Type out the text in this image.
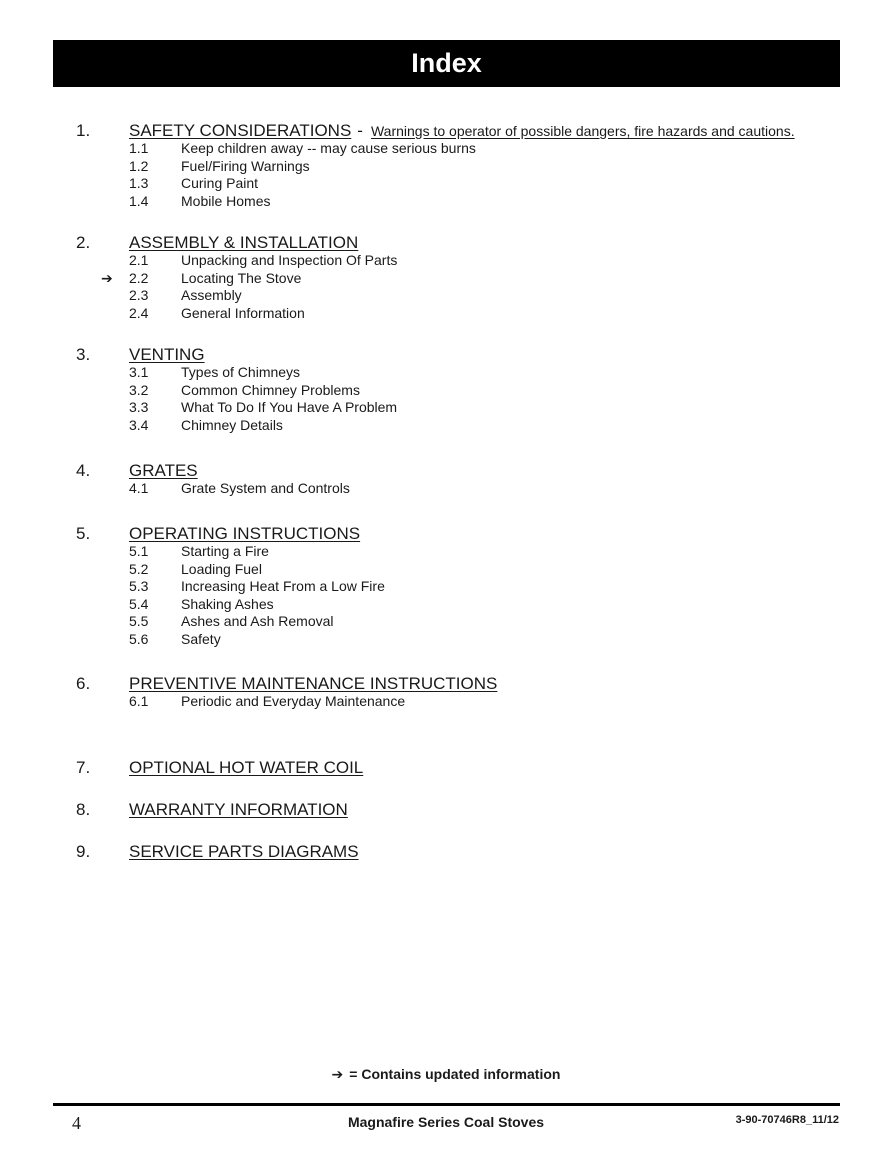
Index
1. SAFETY CONSIDERATIONS - Warnings to operator of possible dangers, fire hazards and cautions.
1.1 Keep children away -- may cause serious burns
1.2 Fuel/Firing Warnings
1.3 Curing Paint
1.4 Mobile Homes
2. ASSEMBLY & INSTALLATION
2.1 Unpacking and Inspection Of Parts
➔ 2.2 Locating The Stove
2.3 Assembly
2.4 General Information
3. VENTING
3.1 Types of Chimneys
3.2 Common Chimney Problems
3.3 What To Do If You Have A Problem
3.4 Chimney Details
4. GRATES
4.1 Grate System and Controls
5. OPERATING INSTRUCTIONS
5.1 Starting a Fire
5.2 Loading Fuel
5.3 Increasing Heat From a Low Fire
5.4 Shaking Ashes
5.5 Ashes and Ash Removal
5.6 Safety
6. PREVENTIVE MAINTENANCE INSTRUCTIONS
6.1 Periodic and Everyday Maintenance
7. OPTIONAL HOT WATER COIL
8. WARRANTY INFORMATION
9. SERVICE PARTS DIAGRAMS
➔ = Contains updated information
4	Magnafire Series Coal Stoves	3-90-70746R8_11/12
